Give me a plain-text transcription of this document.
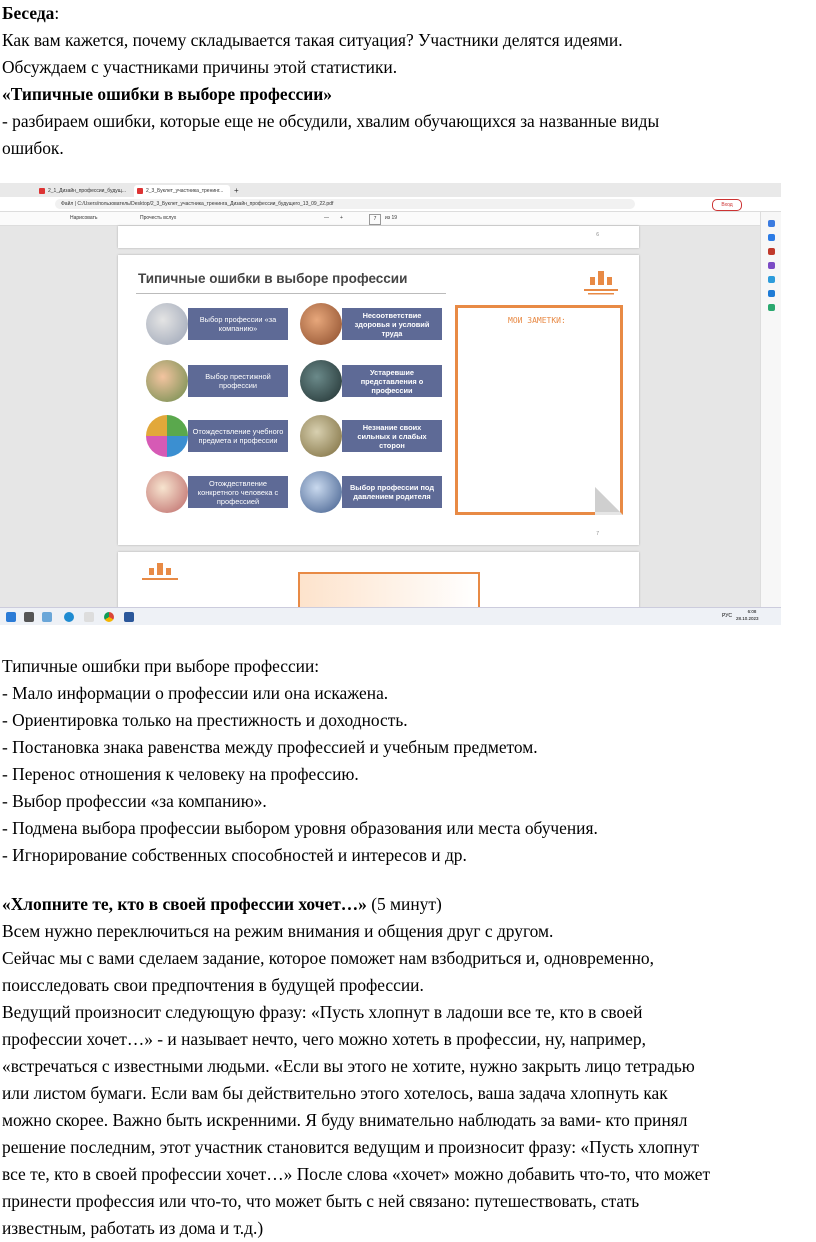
Беседа:

Как вам кажется, почему складывается такая ситуация? Участники делятся идеями.

Обсуждаем с участниками причины этой статистики.

«Типичные ошибки в выборе профессии»

- разбираем ошибки, которые еще не обсудили, хвалим обучающихся за названные виды

ошибок.

2_1_Дизайн_профессии_будущ...	2_3_Буклет_участника_тренинг...	+
Файл | C:/Users/пользователь/Desktop/2_3_Буклет_участника_тренинга_Дизайн_профессии_будущего_13_09_22.pdf	Вход
Нарисовать	Прочесть вслух	— +	7	из 19
6
Типичные ошибки в выборе профессии
Выбор профессии «за компанию»
Выбор престижной профессии
Отождествление учебного предмета и профессии
Отождествление конкретного человека с профессией
Несоответствие здоровья и условий труда
Устаревшие представления о профессии
Незнание своих сильных и слабых сторон
Выбор профессии под давлением родителя
МОИ ЗАМЕТКИ:
7
РУС
6:08
28.10.2023

Типичные ошибки при выборе профессии:

- Мало информации о профессии или она искажена.

- Ориентировка только на престижность и доходность.

- Постановка знака равенства между профессией и учебным предметом.

- Перенос отношения к человеку на профессию.

- Выбор профессии «за компанию».

- Подмена выбора профессии выбором уровня образования или места обучения.

- Игнорирование собственных способностей и интересов и др.

«Хлопните те, кто в своей профессии хочет…» (5 минут)

Всем нужно переключиться на режим внимания и общения друг с другом.

Сейчас мы с вами сделаем задание, которое поможет нам взбодриться и, одновременно,

поисследовать свои предпочтения в будущей профессии.

Ведущий произносит следующую фразу: «Пусть хлопнут в ладоши все те, кто в своей

профессии хочет…» - и называет нечто, чего можно хотеть в профессии, ну, например,

«встречаться с известными людьми. «Если вы этого не хотите, нужно закрыть лицо тетрадью

или листом бумаги. Если вам бы действительно этого хотелось, ваша задача хлопнуть как

можно скорее. Важно быть искренними. Я буду внимательно наблюдать за вами- кто принял

решение последним, этот участник становится ведущим и произносит фразу: «Пусть хлопнут

все те, кто в своей профессии хочет…» После слова «хочет» можно добавить что-то, что может

принести профессия или что-то, что может быть с ней связано: путешествовать, стать

известным, работать из дома и т.д.)
